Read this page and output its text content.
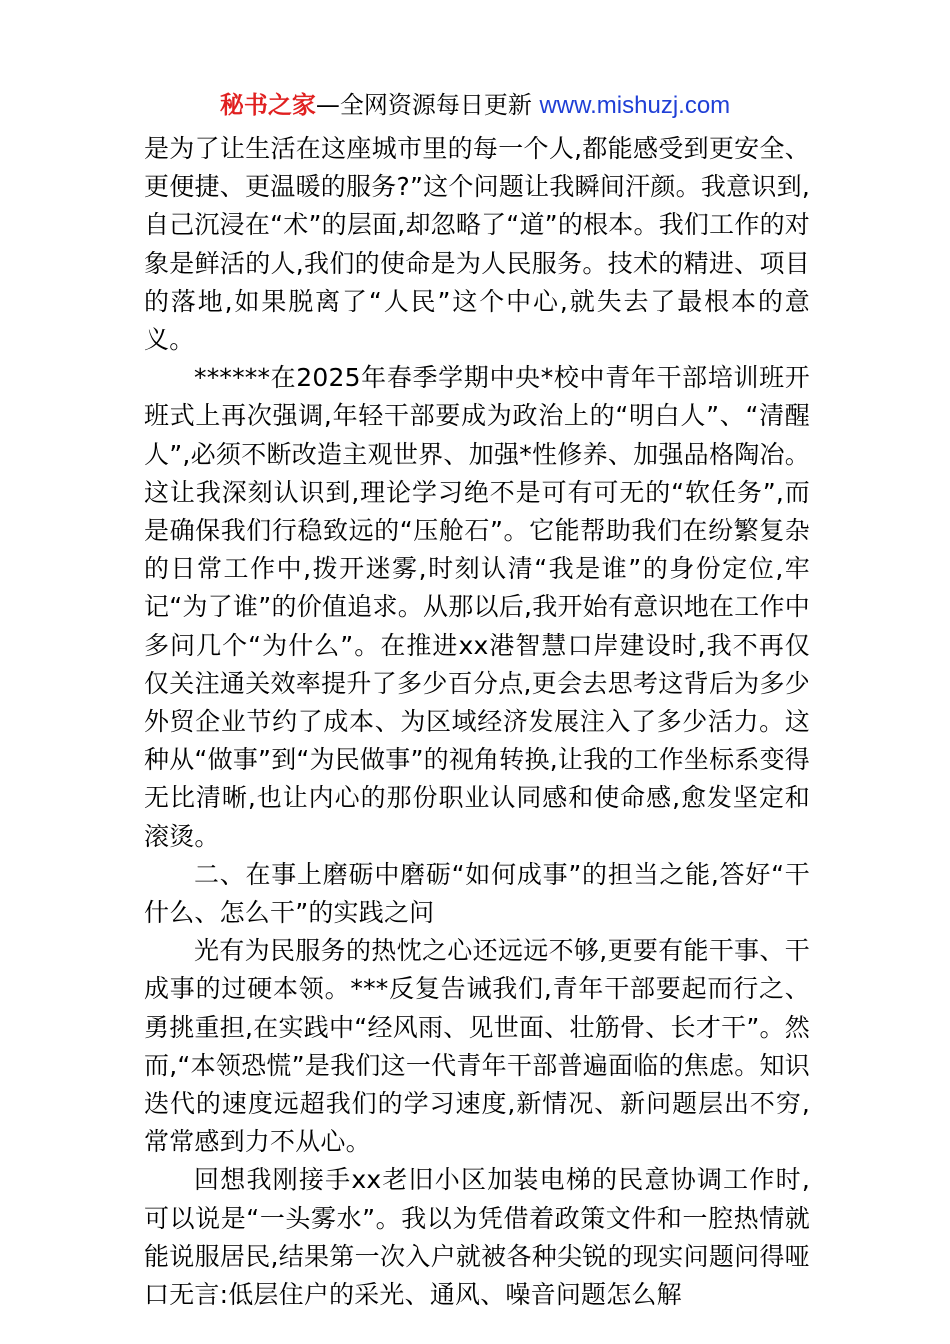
秘书之家—全网资源每日更新 www.mishuzj.com

是为了让生活在这座城市里的每一个人,都能感受到更安全、更便捷、更温暖的服务?”这个问题让我瞬间汗颜。我意识到,自己沉浸在“术”的层面,却忽略了“道”的根本。我们工作的对象是鲜活的人,我们的使命是为人民服务。技术的精进、项目的落地,如果脱离了“人民”这个中心,就失去了最根本的意义。

******在2025年春季学期中央*校中青年干部培训班开班式上再次强调,年轻干部要成为政治上的“明白人”、“清醒人”,必须不断改造主观世界、加强*性修养、加强品格陶冶。这让我深刻认识到,理论学习绝不是可有可无的“软任务”,而是确保我们行稳致远的“压舱石”。它能帮助我们在纷繁复杂的日常工作中,拨开迷雾,时刻认清“我是谁”的身份定位,牢记“为了谁”的价值追求。从那以后,我开始有意识地在工作中多问几个“为什么”。在推进xx港智慧口岸建设时,我不再仅仅关注通关效率提升了多少百分点,更会去思考这背后为多少外贸企业节约了成本、为区域经济发展注入了多少活力。这种从“做事”到“为民做事”的视角转换,让我的工作坐标系变得无比清晰,也让内心的那份职业认同感和使命感,愈发坚定和滚烫。

二、在事上磨砺中磨砺“如何成事”的担当之能,答好“干什么、怎么干”的实践之问

光有为民服务的热忱之心还远远不够,更要有能干事、干成事的过硬本领。***反复告诫我们,青年干部要起而行之、勇挑重担,在实践中“经风雨、见世面、壮筋骨、长才干”。然而,“本领恐慌”是我们这一代青年干部普遍面临的焦虑。知识迭代的速度远超我们的学习速度,新情况、新问题层出不穷,常常感到力不从心。

回想我刚接手xx老旧小区加装电梯的民意协调工作时,可以说是“一头雾水”。我以为凭借着政策文件和一腔热情就能说服居民,结果第一次入户就被各种尖锐的现实问题问得哑口无言:低层住户的采光、通风、噪音问题怎么解
